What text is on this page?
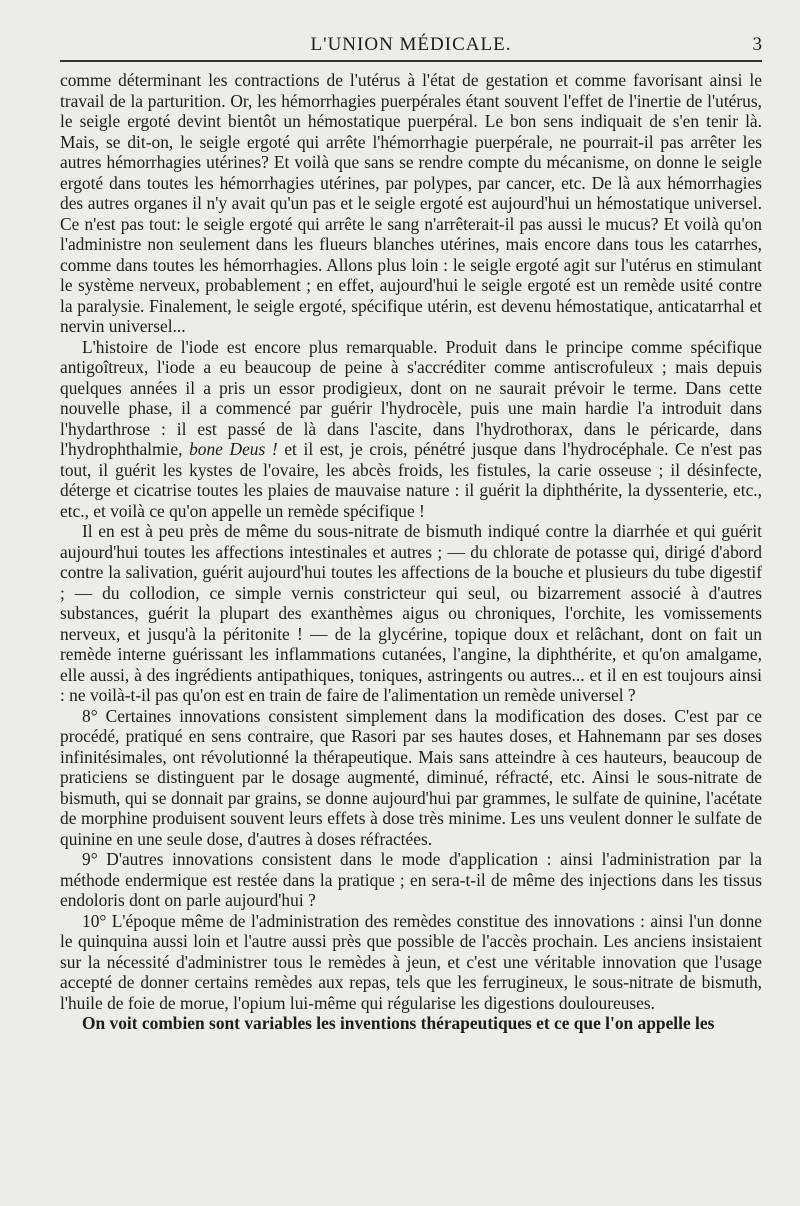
L'UNION MÉDICALE.	3

comme déterminant les contractions de l'utérus à l'état de gestation et comme favorisant ainsi le travail de la parturition. Or, les hémorrhagies puerpérales étant souvent l'effet de l'inertie de l'utérus, le seigle ergoté devint bientôt un hémostatique puerpéral. Le bon sens indiquait de s'en tenir là. Mais, se dit-on, le seigle ergoté qui arrête l'hémorrhagie puerpérale, ne pourrait-il pas arrêter les autres hémorrhagies utérines? Et voilà que sans se rendre compte du mécanisme, on donne le seigle ergoté dans toutes les hémorrhagies utérines, par polypes, par cancer, etc. De là aux hémorrhagies des autres organes il n'y avait qu'un pas et le seigle ergoté est aujourd'hui un hémostatique universel. Ce n'est pas tout: le seigle ergoté qui arrête le sang n'arrêterait-il pas aussi le mucus? Et voilà qu'on l'administre non seulement dans les flueurs blanches utérines, mais encore dans tous les catarrhes, comme dans toutes les hémorrhagies. Allons plus loin : le seigle ergoté agit sur l'utérus en stimulant le système nerveux, probablement ; en effet, aujourd'hui le seigle ergoté est un remède usité contre la paralysie. Finalement, le seigle ergoté, spécifique utérin, est devenu hémostatique, anticatarrhal et nervin universel...

L'histoire de l'iode est encore plus remarquable. Produit dans le principe comme spécifique antigoîtreux, l'iode a eu beaucoup de peine à s'accréditer comme antiscrofuleux ; mais depuis quelques années il a pris un essor prodigieux, dont on ne saurait prévoir le terme. Dans cette nouvelle phase, il a commencé par guérir l'hydrocèle, puis une main hardie l'a introduit dans l'hydarthrose : il est passé de là dans l'ascite, dans l'hydrothorax, dans le péricarde, dans l'hydrophthalmie, bone Deus ! et il est, je crois, pénétré jusque dans l'hydrocéphale. Ce n'est pas tout, il guérit les kystes de l'ovaire, les abcès froids, les fistules, la carie osseuse ; il désinfecte, déterge et cicatrise toutes les plaies de mauvaise nature : il guérit la diphthérite, la dyssenterie, etc., etc., et voilà ce qu'on appelle un remède spécifique !

Il en est à peu près de même du sous-nitrate de bismuth indiqué contre la diarrhée et qui guérit aujourd'hui toutes les affections intestinales et autres ; — du chlorate de potasse qui, dirigé d'abord contre la salivation, guérit aujourd'hui toutes les affections de la bouche et plusieurs du tube digestif ; — du collodion, ce simple vernis constricteur qui seul, ou bizarrement associé à d'autres substances, guérit la plupart des exanthèmes aigus ou chroniques, l'orchite, les vomissements nerveux, et jusqu'à la péritonite ! — de la glycérine, topique doux et relâchant, dont on fait un remède interne guérissant les inflammations cutanées, l'angine, la diphthérite, et qu'on amalgame, elle aussi, à des ingrédients antipathiques, toniques, astringents ou autres... et il en est toujours ainsi : ne voilà-t-il pas qu'on est en train de faire de l'alimentation un remède universel ?

8° Certaines innovations consistent simplement dans la modification des doses. C'est par ce procédé, pratiqué en sens contraire, que Rasori par ses hautes doses, et Hahnemann par ses doses infinitésimales, ont révolutionné la thérapeutique. Mais sans atteindre à ces hauteurs, beaucoup de praticiens se distinguent par le dosage augmenté, diminué, réfracté, etc. Ainsi le sous-nitrate de bismuth, qui se donnait par grains, se donne aujourd'hui par grammes, le sulfate de quinine, l'acétate de morphine produisent souvent leurs effets à dose très minime. Les uns veulent donner le sulfate de quinine en une seule dose, d'autres à doses réfractées.

9° D'autres innovations consistent dans le mode d'application : ainsi l'administration par la méthode endermique est restée dans la pratique ; en sera-t-il de même des injections dans les tissus endoloris dont on parle aujourd'hui ?

10° L'époque même de l'administration des remèdes constitue des innovations : ainsi l'un donne le quinquina aussi loin et l'autre aussi près que possible de l'accès prochain. Les anciens insistaient sur la nécessité d'administrer tous le remèdes à jeun, et c'est une véritable innovation que l'usage accepté de donner certains remèdes aux repas, tels que les ferrugineux, le sous-nitrate de bismuth, l'huile de foie de morue, l'opium lui-même qui régularise les digestions douloureuses.

On voit combien sont variables les inventions thérapeutiques et ce que l'on appelle les
